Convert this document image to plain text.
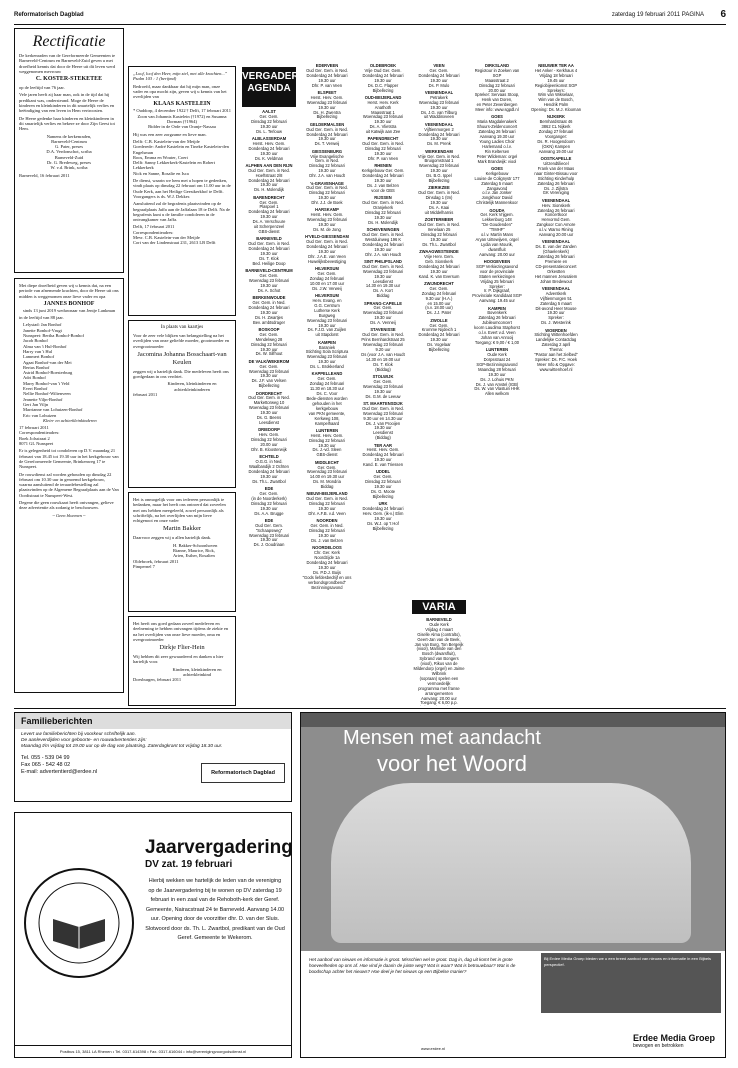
Reformatorisch Dagblad	zaterdag 19 februari 2011 PAGINA 6
Rectificatie

De kerkenraden van de Gereformeerde Gemeenten te Barneveld-Centrum en Barneveld-Zuid geven u met droefheid kennis dat door de Heere uit dit leven werd weggenomen mevrouw

C. KOSTER-STEKETEE

op de leeftijd van 76 jaar.

Vele jaren heeft zij haar man, ook in de tijd dat hij predikant was, ondersteund. Moge de Heere de kinderen en kleinkinderen in dit smartelijk verlies en beëindiging van een leven in Hem vertroosten.

De Heere gedenke haar kinderen en kleinkinderen in dit smartelijk verlies en bekere ze door Zijn Geest tot Hem.

Namens de kerkenraden,
Barneveld-Centrum
G. Pater, preses
D.A. Verdonschot, scriba
Barneveld-Zuid
Dr. G. Bredeweg, preses
W. v.d. Brink, scriba
Barneveld, 16 februari 2011

Met diepe droefheid geven wij u kennis dat, na een periode van afnemende krachten, door de Heere uit ons midden is weggenomen onze lieve vader en opa

JANNES BONHOF
sinds 13 juni 2019 weduwnaar van Jentje Lankman

in de leeftijd van 88 jaar.

Lelystad: Jan Bonhof
Janette Bonhof-Vrugt
Nunspeet: Bertha Bonhof-Bonhof
Jacob Bonhof
Alma van 't Hul-Bonhof
Harry van 't Hul
Lammert Bonhof
Agaat Bonhof-van der Mei
Bertus Bonhof
Astrid Bonhof-Boesterburg
Adri Bonhof
Marry Bonhof-van 't Veld
Evert Bonhof
Nellie Bonhof-Wiltenveen
Jeanette Viljn-Bonhof
Gert Jan Viljn
Marrianne van Lohuizen-Bonhof
Eric van Lohuizen
Klein- en achterkleinkinderen
17 februari 2011
Correspondentieadres:
Boek Jolsstraat 2
8071 GL Nunspeet

Er is gelegenheid tot condoleren op D.V. maandag 21 februari van 18.45 tot 19.30 uur in het kerkgebouw van de Gereformeerde Gemeente, Brinkenweg 17 te Nunspeet.

De rouwdienst zal worden gehouden op dinsdag 22 februari om 10.30 uur in genoemd kerkgebouw, waarna aansluitend de teraardebestelling zal plaatsvinden op de Algemene Begraafplaats aan de Van Oordtstraat te Nunspeet-West.

Degene die geen rouwkaart heeft ontvangen, gelieve deze advertentie als zodanig te beschouwen.

~ Geen bloemen ~
„Loof, loof den Heer, mijn ziel, met alle krachten...” Psalm 103 : 1 (berijmd)

Bedroefd, maar dankbaar dat hij mijn man, onze vader en opa mocht zijn, geven wij u kennis van het overlijden van

KLAAS KASTELEIN
* Ouddorp, 4 december 1922 † Delft, 17 februari 2011
Zoon van Johannis Kastelein (†1972) en Susanna Dorman (†1964)
Bidder in de Orde van Oranje-Nassau

Hij was een zeer zorgzame en lieve man.

Delft: C.B. Kastelein-van der Meijde
Goederede: André Kastelein en Tineke Kastelein-den Engelsman
Roos, Emma en Wouter, Coert
Delft: Sanny Lekkerkerk-Kastelein en Robert Lekkerkerk
Nick en Sanne, Rosalie en Isca

De dienst, waarin we hem met u hopen te gedenken, vindt plaats op dinsdag 22 februari om 11.00 uur in de Oude Kerk, aan het Heilige Geestkerkhof te Delft. Voorgangers is ds. W.J. Dekker.

Aansluitend zal de begrafenis plaatsvinden op de begraafplaats Jaffa aan de Jaffalaan 18 te Delft. Na de begrafenis kunt u de familie condoleren in de ontvangkamer van Jaffa.

Delft, 17 februari 2011
Correspondentieadres:
Mevr. C.B. Kastelein-van der Meijde
Cort van der Lindenstraat 231, 2613 LB Delft
In plaats van kaartjes

Voor de zeer vele blijken van belangstelling na het overlijden van onze geliefde moeder, grootmoeder en overgrootmoeder

Jacomina Johanna Bosschaart-van Keulen

zeggen wij u hartelijk dank. Die medeleven heeft ons goedgedaan in ons verdriet.

Kinderen, kleinkinderen en achterkleinkinderen
februari 2011

Het is onmogelijk voor ons iedereen persoonlijk te bedanken, maar het heeft ons ontroerd dat zoveelen met ons hebben meegeleefd, zowel persoonlijk als schriftelijk, na het overlijden van mijn lieve echtgenoot en onze vader

Martin Bakker

Daarvoor zeggen wij u allen hartelijk dank.

H. Bakker-Schoonhoven
Rianne, Maurice, Rick,
Arien, Esther, Rosalien
Oldebroek, februari 2011
Pimpernel 7

Het heeft ons goed gedaan zoveel medeleven en deelneming te hebben ontvangen tijdens de ziekte en na het overlijden van onze lieve moeder, oma en overgrootmoeder

Dirkje Flier-Hein

Wij hebben dit zeer gewaardeerd en danken u hier hartelijk voor.

Kinderen, kleinkinderen en achterkleinkind
Doesburgen, februari 2011
VERGADER-AGENDA
AALST
Ger. Gem.
Dinsdag 22 februari
19.30 uur
Ds. L. Terlouw
ALBLASSERDAM
Herst. Herv. Gem.
Donderdag 24 februari
19.30 uur
Ds. K. Veldman
ALPHEN AAN DEN RIJN
Oud Ger. Gem. in Ned.
Hoeftstraat 2/8
Donderdag 24 februari
19.30 uur
Ds. H. Molendijk
BARENDRECHT
Ger. Gem.
Plaspoel 1
Donderdag 24 februari
19.30 uur
Ds. A. Verschuure
uit Scherpenzeel
GBS-dienst
BARNEVELD
Oud Ger. Gem. in Ned.
Donderdag 24 februari
19.30 uur
Ds. T. Klok
Bed. Heilige Doop
BARNEVELD-CENTRUM
Ger. Gem.
Woensdag 23 februari
19.30 uur
Ds. A. Schot
BERKENWOUDE
Ger. Gem. in Ned.
Donderdag 24 februari
19.30 uur
Ds. H. Zwartjes
Bev. ambtsdrager
BOSKOOP
Ger. Gem.
Mendelweg 28
Dinsdag 22 februari
19.30 uur
Ds. W. Silfhout
DE VALK/WEKEROM
Ger. Gem.
Woensdag 23 februari
19.30 uur
Ds. J.F. van Velsen
Bijbellezing
DORDRECHT
Oud Ger. Gem. in Ned.
Markettorweg 10
Woensdag 23 februari
19.30 uur
Ds. G. Beens
Leesdienst
DRIEDORP
Herv. Gem.
Dinsdag 22 februari
20.00 uur
Dhr. B. Kloosterwijk
ECHTELD
O.G.G. in Ned.
Waalbandijk 2 Ochten
Donderdag 24 februari
19.30 uur
Ds. Th.L. Zwartbol
EDE
Ger. Gem.
(in de Noorderkerk)
Dinsdag 22 februari
19.30 uur
Ds. A.A. Brugge
EDE
Oud Ger. Gem.
"Schaapsweg"
Woensdag 23 februari
19.30 uur
Ds. J. Goudriaan
EDERVEEN
Oud Ger. Gem. in Ned.
Donderdag 24 februari
19.30 uur
Dhr. P. van Veen
ELSPEET
Herst. Herv. Gem.
Woensdag 23 februari
19.30 uur
Ds. H. Zwentra
Bijbellezing
GELDERMALSEN
Oud Ger. Gem. in Ned.
Donderdag 24 februari
19.30 uur
Ds. T. Verweij
GIESSENBURG
Vrije Evangelische
Gem. in Ned.
Dinsdag 22 februari
19.30 uur
Dhr. J.A. van Houdt
's-GRAVENHAGE
Oud Ger. Gem. in Ned.
Dinsdag 22 februari
19.30 uur
Dhr. J.J. de Boek
HARSKAMP
Herst. Herv. Gem.
Woensdag 23 februari
19.30 uur
Ds. M. de Jong
H'VELD-GIESSENDAM
Oud Ger. Gem. in Ned.
Donderdag 24 februari
19.30 uur
Dhr. J.A.E. van Veen
Huwelijksbevestiging
HILVERSUM
Ger. Gem.
Zondag 24 februari
10.00 en 17.00 uur
Ds. J.W. Verweij
HILVERSUM
Herv. Evang. en
G.G. Centrum
Lutherse Kerk
Burgweg
Woensdag 23 februari
19.30 uur
Ds. F.J.D. van Zuijlen
uit Stapdorst
KAMPEN
Baraniek
Stichting Sola Scriptura
Woensdag 23 februari
19.30 uur
Ds. L. Brokkerland
KAPPELLEAND
Ger. Gem.
Zondag 24 februari
11.30 en 18.30 uur
Ds. C. Voor
Bede-diensten worden
gehouden in het
kerkgebouw
van PKN gemeente,
Kerkweg 108,
Kampelhaard
LUNTEREN
Herst. Herv. Gem.
Dinsdag 22 februari
19.30 uur
Ds. J.-vd. Sleen
GBS-dienst
MIDDLECHT
Ger. Gem.
Woensdag 23 februari
14.00 en 19.30 uur
Ds. M. Mondria
Biddag
NIEUW-BEIJERLAND
Oud Ger. Gem. in Ned.
Dinsdag 22 februari
19.30 uur
Dhr. A.F.B. v.d. Veen
NOORDEN
Ger. Gem. in Ned.
Dinsdag 22 februari
19.30 uur
Ds. J. van Belzen
NOORDELOOS
Chr. Ger. Kerk
Noordzijde 1a
Donderdag 24 februari
19.30 uur
Ds. P.D.J. Buijs
"Gods liefdesbedrijf en ons verbondsgrondbend"
Bezinningsavond
OLDEBROEK
Vrije Oud Ger. Gem.
Donderdag 24 februari
19.30 uur
Ds. D.C. Flapper
Bijbellezing
OUD-BEIJERLAND
Herst. Herv. Kerk
Anathoth
Maasstraat 1
Woensdag 23 februari
19.30 uur
Ds. A. Vlietstra
uit Katwijk aan Zee
PAPENDRECHT
Oud Ger. Gem. in Ned.
Dinsdag 22 februari
19.30 uur
Dhr. P. van Veen
RHENEN
Kerkgebouw Ger. Gem.
Donderdag 24 februari
19.30 uur
Ds. J. van Belzen
voor de GBS
RIJSSEN
Oud Ger. Gem. in Ned.
Oranjekerk
Dinsdag 22 februari
19.30 uur
Ds. H. Molendijk
SCHEVENINGEN
Oud Ger. Gem. in Ned.
Westduinweg 196 K
Donderdag 24 februari
19.30 uur
Dhr. J.A. van Houdt
SINT PHILIPSLAND
Oud Ger. Gem. in Ned.
Woensdag 23 februari
19.30 uur
Leesdienst
14.30 en 19.30 uur
Ds. A. Kort
Biddag
SPRANG-CAPELLE
Ger. Gem.
Woensdag 23 februari
19.30 uur
Ds. A. Venneij
STAVENISSE
Oud Ger. Gem. in Ned.
Prins Bernhardstraat 25
Woensdag 23 februari
9.20 uur
Ds (voor J.A. van Houdt
14.30 en 19.00 uur
Ds. T. Klok
(Biddag)
STOLWIJK
Ger. Gem.
Woensdag 23 februari
19.30 uur
Ds. G.M. de Leeuw
ST. MAARTENSDIJK
Oud Ger. Gem. in Ned.
Woensdag 23 februari
9.30 uur en 14.30 uur
Ds. J. van Prooijen
19.30 uur
Leesdienst
(Biddag)
TER AAR
Herst. Herv. Gem.
Donderdag 24 februari
19.30 uur
Kand. E. van Triessen
UDDEL
Ger. Gem.
Dinsdag 22 februari
19.30 uur
Ds. G. Moote
Bijbellezing
URK
Donderdag 24 februari
Herv. Gem. (ik-v.) Elim
19.30 uur
Ds. W.J. op 't Hof
Bijbellezing
VEEN
Ger. Gem.
Donderdag 24 februari
19.30 uur
Ds. P. Mulo
VEENENDAAL
Petrakerk
Woensdag 23 februari
19.30 uur
Ds. J.G. van Tilburg
uit Waddinxveen
VEENENDAAL
Vijftienmorgen 2
Donderdag 24 februari
19.30 uur
Ds. M. Prenk
WERKENDAM
Vrije Ger. Gem. in Ned.
Bruigomstraat 1
Woensdag 23 februari
19.30 uur
Ds. B.G. Ippel
Bijbellezing
ZIERIKZEE
Oud Ger. Gem. in Ned.
Dinsdag 1 (tm)
19.30 uur
Ds. A. Kaai
uit Middelharnis
ZOETERMEER
Oud Ger. Gem. in Ned.
Irenelaan 25
Dinsdag 22 februari
19.30 uur
Ds. Th.L. Zwartbol
ZWAAGWESTEINDE
Vrije Herv. Gem.
Geb. Sionskerk
Donderdag 24 februari
19.30 uur
Kand. K. van Eversum
ZWIJNDRECHT
Ger. Gem.
Zondag 24 februari
9.30 uur (H.A.)
en 15.00 uur
(n.v. 18.00 uur)
Ds. J.J. Pater
ZWOLLE
Ger. Gem.
Kromme Nijdeich 1
Donderdag 24 februari
19.30 uur
Ds. Vogelaar
Bijbellezing
VARIA
BARNEVELD
Oude Kerk
Vrijdag 4 maart
Giselle Alma (contralto),
Geert-Jan van de Beek,
Jan van Burg, Ton Bergeijk
(viool), Marlinde van den Bosch (dwarsfluit),
Sybrand van Bongers
(viool), Rikus van de
Mildendorp (orgel) en Jaime Wilbrink
(sopraan) spelen een vermoedelijk
programma met franse arrangementen
Aanvang: 20.00 uur
Toegang: € 6,00 p.p.
DIRKSLAND
Regiotour in Zoeken van SGP
Maasstraat 2
Dinsdag 22 februari
20.00 uur
Spreker: Servaas Stoop,
Henk van Doren,
en Peter Zevenbergen
Meer info: www.sgpdl.nl
GOES
Maria Magdalenakerk
Shuurs-Zeldenconcert
Zaterdag 26 februari
Aanvang 19.30 uur
Young Ladies Choir
Harlemand o.l.v.
Rin Keltersen
Peter Wildeman: orgel
Mark Brandwijk: viool
GOES
Kerkgebouw
Louise de Colignystr 177
Zaterdag 5 maart
Zangavond
o.l.v. Jan Jonker
Jongkhoor David
Christelijk Mannenkoor
GOUDA
Ger. Kerk Vrijgem.
Lekkenburg 148
"De Goudenden"
"TIMHF"
o.l.v. Martin Mans
Aryan Uittewijven, orgel
Lydia van Mourik,
dwarsfluit
Aanvang: 20.00 uur
HOOGEVEEN
SGP Verkiezingsavond
voor de provinciale
Staten verkiezingen
Vrijdag 25 februari
Spreker:
Ir. P. Dijkgraaf,
Provinciale Kandidaat SGP
Aanvang: 19.45 uur
KAMPEN
Bovenkerk
Zaterdag 26 februari
Jubileumconcert
koorn Laudima Staphorst
o.l.v. Evert v.d. Veen
Johan van Anrooij
Toegang: € 9,00 / € 1,00
LUNTEREN
Oude Kerk
Dorpsstraat 24
SGP-Bezinningsavond
Maandag 28 februari
19.30 uur
Ds. J. Lohuis PKN
Ds. J. van Amstel (IGB)
Ds. W. van Vlastuin HHK
Allen welkom
NIEUWER TER AA
Het Anker - Kerkhaus 4
Vrijdag 18 februari
19.45 uur
Regiobijeenkomst SGP
Sprekers:
Wim van Wikselaar,
Wim van de Bosch,
Hendrik Palm
Opening: Ds. M.J. Klooman
NIJKERK
Bernhardstraat 46
3862 CL Nijkerk
Zondag 27 februari
Voorganger:
Ds. R. Hoogendoorn
(GKN) Kampen
Aanvang 19.00 uur
OOSTKAPELLE
Uitzendtiliecel
Frank van der Maas
naar Ginter-Bissau voor
Stichting Kinderhulp
Zaterdag 26 februari
Ds. J. Zijlstra
GK Vereniging
VEENENDAAL
Herv. Sionskerk
Zaterdag 26 februari
Koncertkoor
Hervormd Gem.
Zangkoor Con Amore
o.l.v. Warno Rining
Aanvang 20.00 uur
VEENENDAAL
Ds. E. van der Zanden
(Ghaelenkerk)
Zaterdag 26 februari
Premiere en
CD-presentatieconcert
Orkestten
Het mannen Jerusalem
Johan Bredewout
VEENENDAAL
Adventkerk
Vijftienmorgen 51
Zaterdag 5 maart
Dit-avond Heer Mouse
19.30 uur
Spreker:
Ds. J. Westerink
WOERDEN
Stichting Wittenhoefden
Landelijke Contactdag
Zaterdag 2 april
Thema:
"Pastor aan het zielbed"
Spreker: Ds. P.C. Hoek
Meer Info & Opgave:
www.wittenhoef.nl
Familieberichten
Levert uw familieberichten bij voorkeur schriftelijk aan.
De aanleverdijden voor geboorte- en rouwadvertenties zijn:
Maandag t/m vrijdag tot 19.00 uur op de dag van plaatsing. Zaterdagkrant tot vrijdag 18.30 uur.
Tel. 055 - 539 04 99
Fax 065 - 542 48 02
E-mail: advertentierd@erdee.nl	Reformatorisch Dagblad
Jaarvergadering
DV zat. 19 februari
Hierbij wekken we hartelijk de leden van de vereniging op de Jaarvergadering bij te wonen op DV zaterdag 19 februari in een zaal van de Rehoboth-kerk der Geref. Gemeente, Nairacstraat 24 te Barneveld. Aanvang 14.00 uur. Opening door de voorzitter dhr. D. van der Sluis. Slotwoord door ds. Th. L. Zwartbol, predikant van de Oud Geref. Gemeente te Wekerom.
Postbus 15, 3811 LA Rhenen • Tel. 0317-614398 • Fax. 0317-616044 • info@verenigingvoorgodsdienst.nl
Mensen met aandacht
voor het Woord
Het aanbod van nieuws en informatie is groot. Misschien wel te groot. Dag in, dag uit komt het in grote hoeveelheden op ons af. Hoe vind je daarin de juiste weg? Wat is waar? Wat is betrouwbaar? Wat is de boodschap achter het nieuws? Hoe deel je het nieuws op een Bijbelse manier?
Bij Erdee Media Groep bieden we u een breed aanbod van nieuws en informatie in een Bijbels perspectief.
www.erdee.nl
Erdee Media Groep
bewogen en betrokken
